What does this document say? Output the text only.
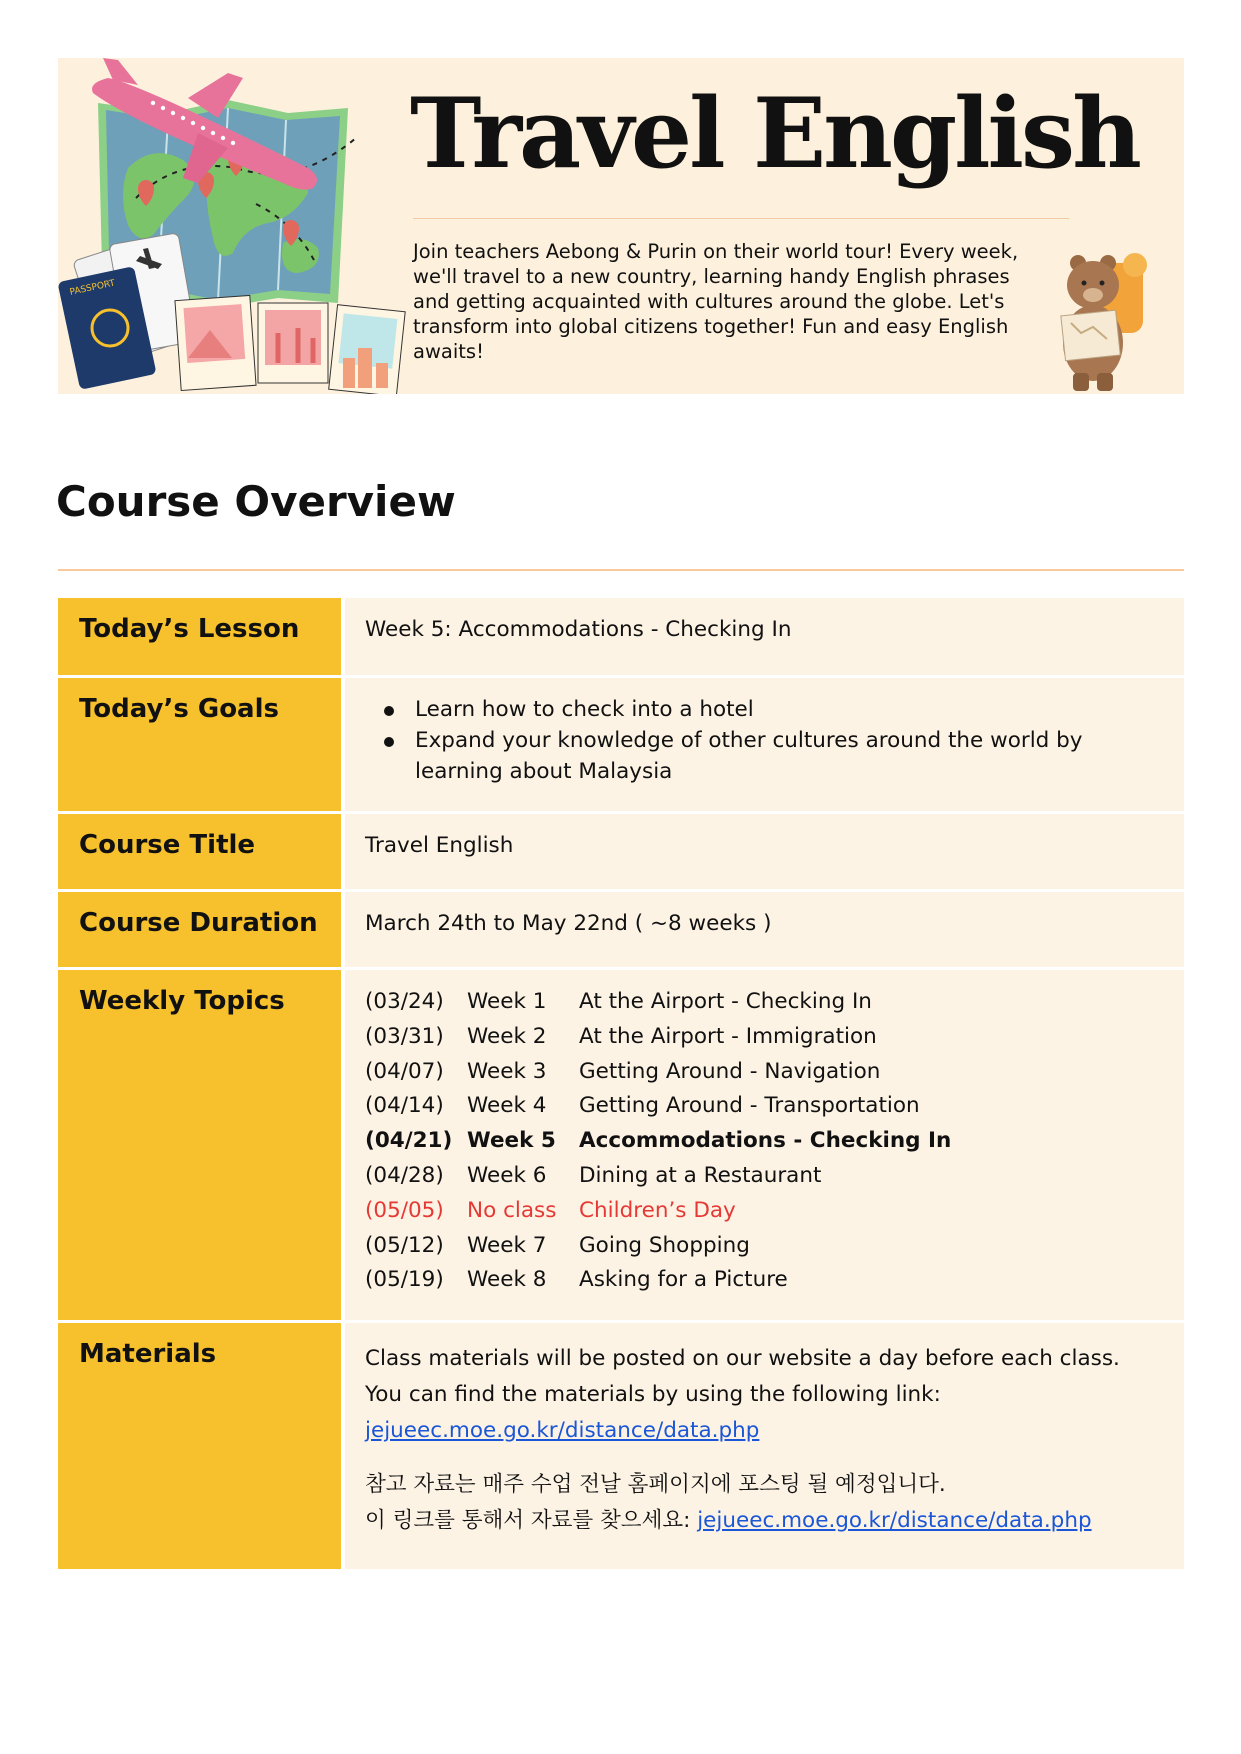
PASSPORT
Travel English

Join teachers Aebong & Purin on their world tour! Every week, we'll travel to a new country, learning handy English phrases and getting acquainted with cultures around the globe. Let's transform into global citizens together! Fun and easy English awaits!

Course Overview
Today’s Lesson	Week 5: Accommodations - Checking In
Today’s Goals	Learn how to check into a hotel
Expand your knowledge of other cultures around the world by learning about Malaysia
Course Title	Travel English
Course Duration	March 24th to May 22nd ( ~8 weeks )
Weekly Topics	(03/24)	Week 1	At the Airport - Checking In
(03/31)	Week 2	At the Airport - Immigration
(04/07)	Week 3	Getting Around - Navigation
(04/14)	Week 4	Getting Around - Transportation
(04/21) Week 5	Accommodations - Checking In
(04/28)	Week 6	Dining at a Restaurant
(05/05)	No class	Children’s Day
(05/12)	Week 7	Going Shopping
(05/19)	Week 8	Asking for a Picture
Materials	Class materials will be posted on our website a day before each class.
You can find the materials by using the following link:
jejueec.moe.go.kr/distance/data.php

참고 자료는 매주 수업 전날 홈페이지에 포스팅 될 예정입니다.
이 링크를 통해서 자료를 찾으세요: jejueec.moe.go.kr/distance/data.php
